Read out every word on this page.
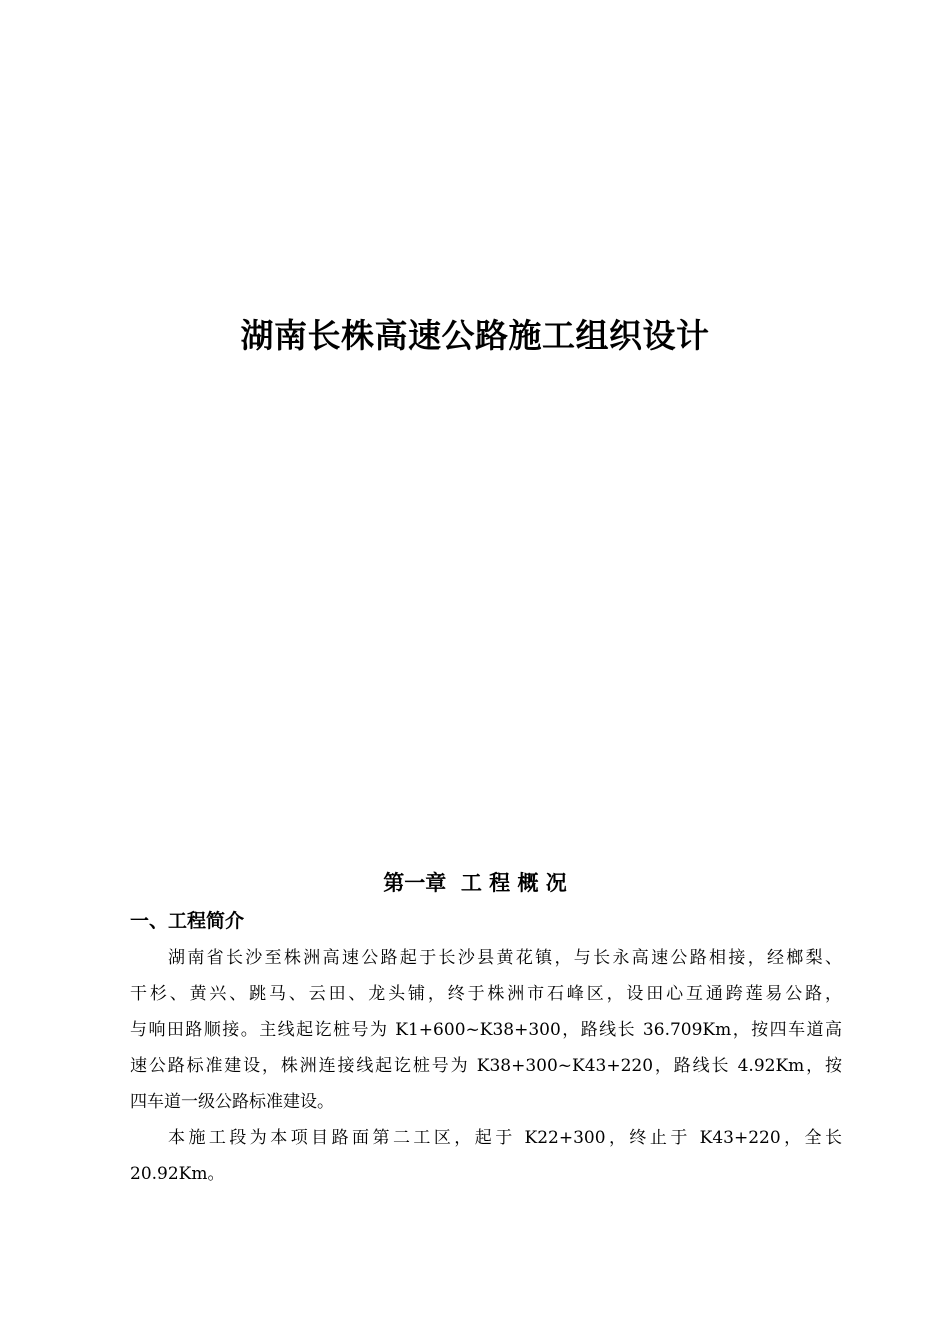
湖南长株高速公路施工组织设计
第一章  工 程 概 况
一、工程简介
湖南省长沙至株洲高速公路起于长沙县黄花镇，与长永高速公路相接，经榔梨、
干杉、黄兴、跳马、云田、龙头铺，终于株洲市石峰区，设田心互通跨莲易公路，
与响田路顺接。主线起讫桩号为 K1+600~K38+300，路线长 36.709Km，按四车道高
速公路标准建设，株洲连接线起讫桩号为 K38+300~K43+220，路线长 4.92Km，按
四车道一级公路标准建设。
本施工段为本项目路面第二工区，起于 K22+300，终止于 K43+220，全长
20.92Km。
